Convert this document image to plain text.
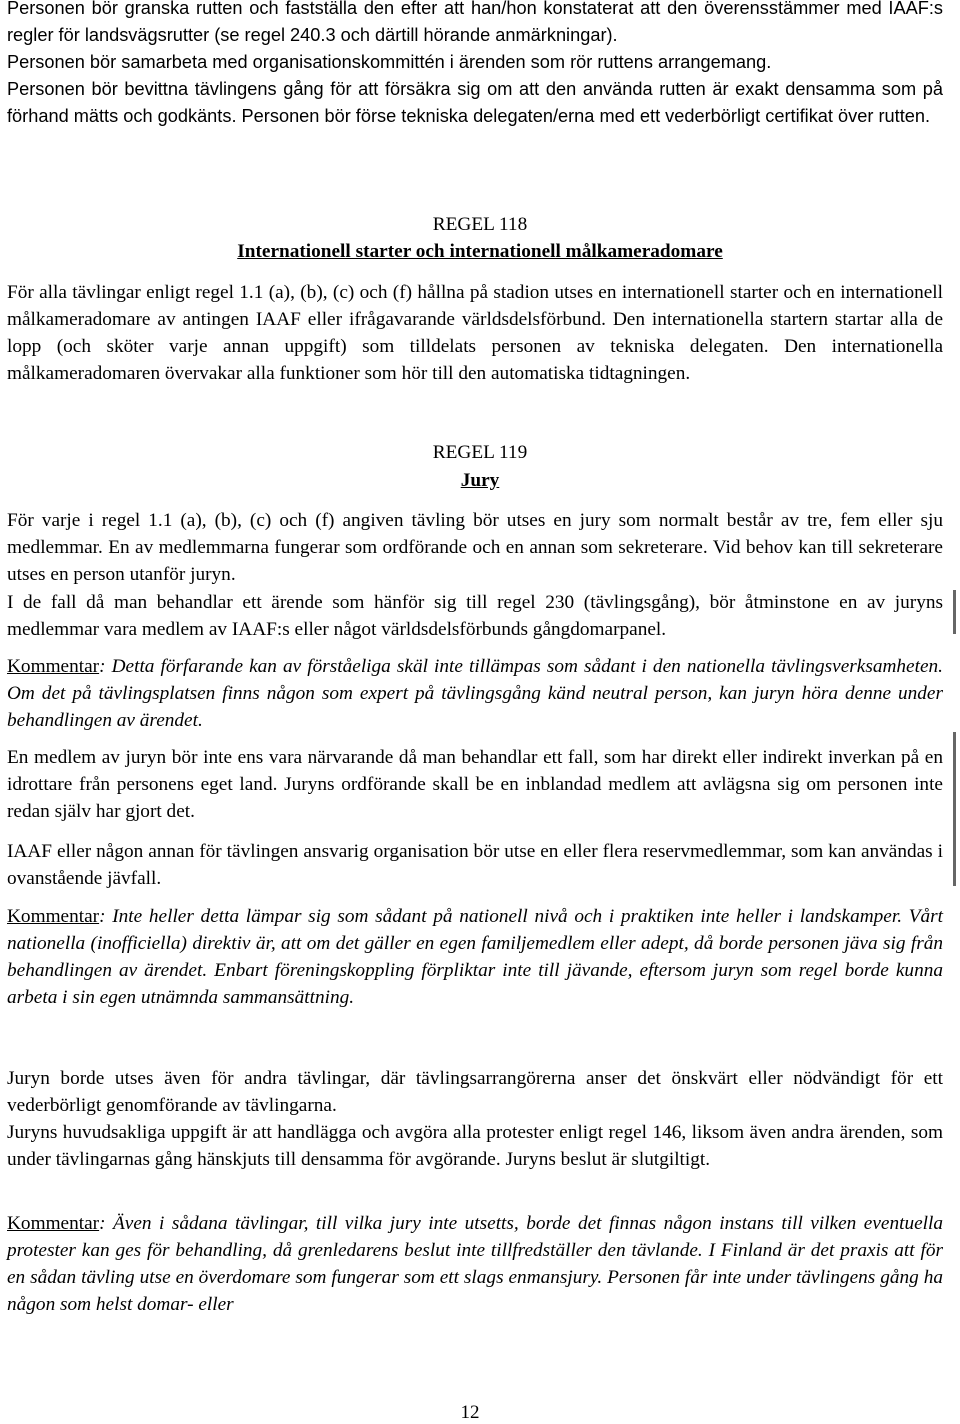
Personen bör granska rutten och fastställa den efter att han/hon konstaterat att den överensstämmer med IAAF:s regler för landsvägsrutter (se regel 240.3 och därtill hörande anmärkningar).

Personen bör samarbeta med organisationskommittén i ärenden som rör ruttens arrangemang.

Personen bör bevittna tävlingens gång för att försäkra sig om att den använda rutten är exakt densamma som på förhand mätts och godkänts. Personen bör förse tekniska delegaten/erna med ett vederbörligt certifikat över rutten.

REGEL 118
Internationell starter och internationell målkameradomare

För alla tävlingar enligt regel 1.1 (a), (b), (c) och (f) hållna på stadion utses en internationell starter och en internationell målkameradomare av antingen IAAF eller ifrågavarande världsdelsförbund. Den internationella startern startar alla de lopp (och sköter varje annan uppgift) som tilldelats personen av tekniska delegaten. Den internationella målkameradomaren övervakar alla funktioner som hör till den automatiska tidtagningen.

REGEL 119
Jury

För varje i regel 1.1 (a), (b), (c) och (f) angiven tävling bör utses en jury som normalt består av tre, fem eller sju medlemmar. En av medlemmarna fungerar som ordförande och en annan som sekreterare. Vid behov kan till sekreterare utses en person utanför juryn.

I de fall då man behandlar ett ärende som hänför sig till regel 230 (tävlingsgång), bör åtminstone en av juryns medlemmar vara medlem av IAAF:s eller något världsdelsförbunds gångdomarpanel.

Kommentar: Detta förfarande kan av förståeliga skäl inte tillämpas som sådant i den nationella tävlingsverksamheten. Om det på tävlingsplatsen finns någon som expert på tävlingsgång känd neutral person, kan juryn höra denne under behandlingen av ärendet.

En medlem av juryn bör inte ens vara närvarande då man behandlar ett fall, som har direkt eller indirekt inverkan på en idrottare från personens eget land. Juryns ordförande skall be en inblandad medlem att avlägsna sig om personen inte redan själv har gjort det.

IAAF eller någon annan för tävlingen ansvarig organisation bör utse en eller flera reservmedlemmar, som kan användas i ovanstående jävfall.

Kommentar: Inte heller detta lämpar sig som sådant på nationell nivå och i praktiken inte heller i landskamper. Vårt nationella (inofficiella) direktiv är, att om det gäller en egen familjemedlem eller adept, då borde personen jäva sig från behandlingen av ärendet. Enbart föreningskoppling förpliktar inte till jävande, eftersom juryn som regel borde kunna arbeta i sin egen utnämnda sammansättning.

Juryn borde utses även för andra tävlingar, där tävlingsarrangörerna anser det önskvärt eller nödvändigt för ett vederbörligt genomförande av tävlingarna.

Juryns huvudsakliga uppgift är att handlägga och avgöra alla protester enligt regel 146, liksom även andra ärenden, som under tävlingarnas gång hänskjuts till densamma för avgörande. Juryns beslut är slutgiltigt.

Kommentar: Även i sådana tävlingar, till vilka jury inte utsetts, borde det finnas någon instans till vilken eventuella protester kan ges för behandling, då grenledarens beslut inte tillfredställer den tävlande. I Finland är det praxis att för en sådan tävling utse en överdomare som fungerar som ett slags enmansjury. Personen får inte under tävlingens gång ha någon som helst domar- eller

12
